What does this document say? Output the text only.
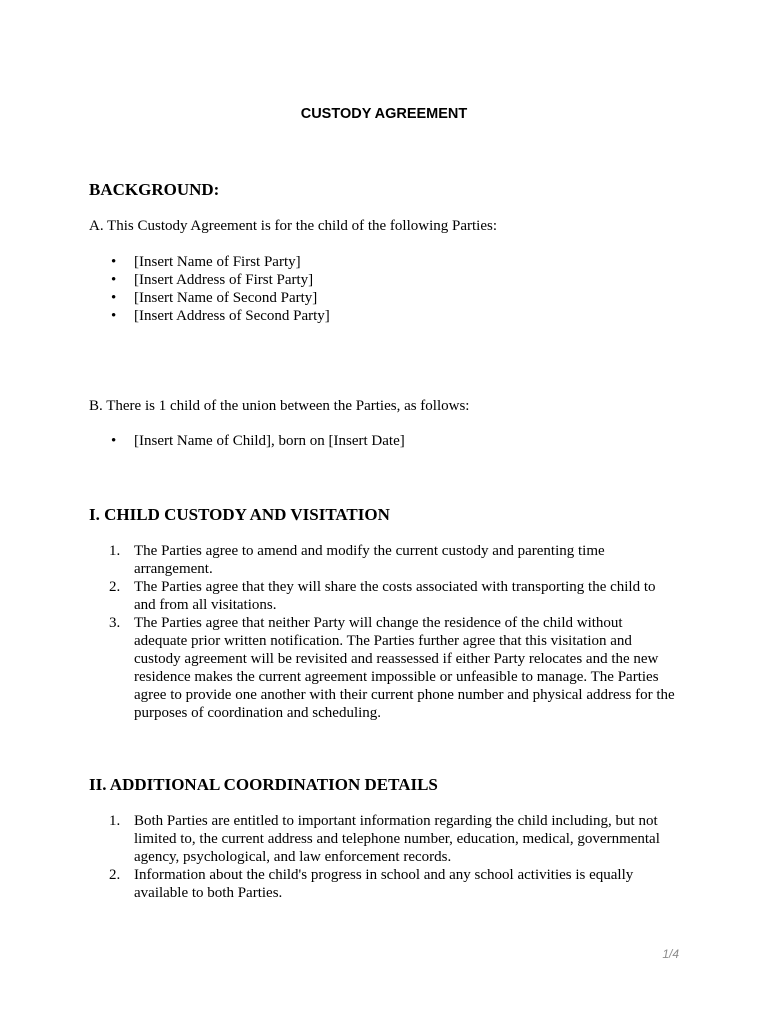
CUSTODY AGREEMENT
BACKGROUND:

A. This Custody Agreement is for the child of the following Parties:

•	[Insert Name of First Party]
•	[Insert Address of First Party]
•	[Insert Name of Second Party]
•	[Insert Address of Second Party]

B. There is 1 child of the union between the Parties, as follows:

•	[Insert Name of Child], born on [Insert Date]
I. CHILD CUSTODY AND VISITATION
1. The Parties agree to amend and modify the current custody and parenting time arrangement.
2. The Parties agree that they will share the costs associated with transporting the child to and from all visitations.
3. The Parties agree that neither Party will change the residence of the child without adequate prior written notification. The Parties further agree that this visitation and custody agreement will be revisited and reassessed if either Party relocates and the new residence makes the current agreement impossible or unfeasible to manage. The Parties agree to provide one another with their current phone number and physical address for the purposes of coordination and scheduling.
II. ADDITIONAL COORDINATION DETAILS
1. Both Parties are entitled to important information regarding the child including, but not limited to, the current address and telephone number, education, medical, governmental agency, psychological, and law enforcement records.
2. Information about the child's progress in school and any school activities is equally available to both Parties.
1/4
